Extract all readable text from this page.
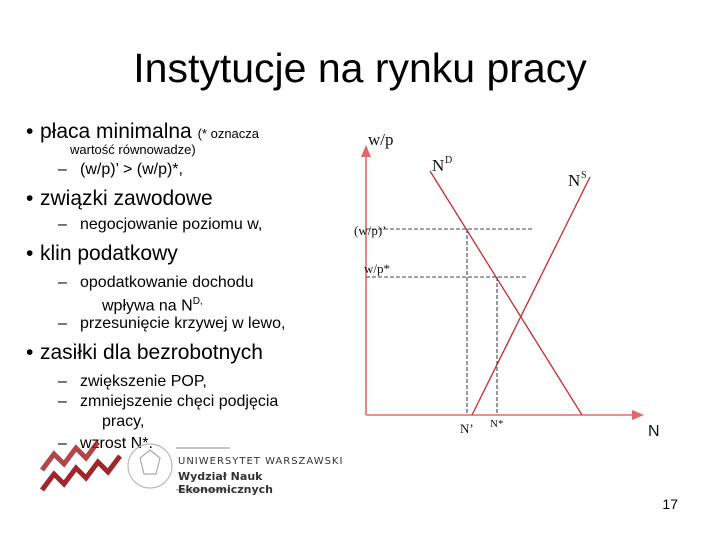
Instytucje na rynku pracy
• płaca minimalna (* oznacza
wartość równowadze)
– (w/p)’ > (w/p)*,
• związki zawodowe
– negocjowanie poziomu w,
• klin podatkowy
– opodatkowanie dochodu
wpływa na $N^{D,}$
– przesunięcie krzywej w lewo,
• zasiłki dla bezrobotnych
– zwiększenie POP,
– zmniejszenie chęci podjęcia
pracy,
– wzrost N*.
w/p
N
N D
N S
(w/p)’
w/p*
N’ N*
UNIWERSYTET WARSZAWSKI
Wydział Nauk Ekonomicznych
17
